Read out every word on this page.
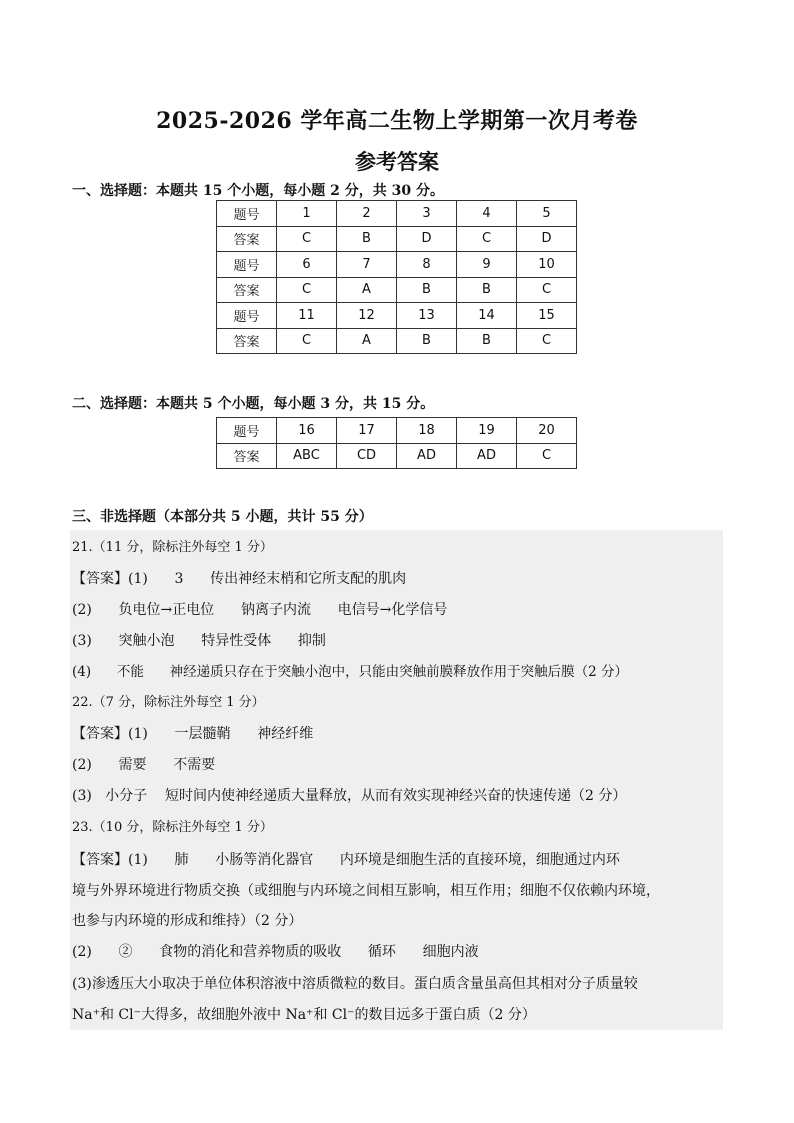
2025-2026 学年高二生物上学期第一次月考卷
参考答案
一、选择题：本题共 15 个小题，每小题 2 分，共 30 分。
题号	1	2	3	4	5
答案	C	B	D	C	D
题号	6	7	8	9	10
答案	C	A	B	B	C
题号	11	12	13	14	15
答案	C	A	B	B	C
二、选择题：本题共 5 个小题，每小题 3 分，共 15 分。
题号	16	17	18	19	20
答案	ABC	CD	AD	AD	C
三、非选择题（本部分共 5 小题，共计 55 分）
21.（11 分，除标注外每空 1 分）
【答案】(1)      3      传出神经末梢和它所支配的肌肉
(2)      负电位→正电位      钠离子内流      电信号→化学信号
(3)      突触小泡      特异性受体      抑制
(4)      不能      神经递质只存在于突触小泡中，只能由突触前膜释放作用于突触后膜（2 分）
22.（7 分，除标注外每空 1 分）
【答案】(1)      一层髓鞘      神经纤维
(2)      需要      不需要
(3)   小分子    短时间内使神经递质大量释放，从而有效实现神经兴奋的快速传递（2 分）
23.（10 分，除标注外每空 1 分）
【答案】(1)      肺      小肠等消化器官      内环境是细胞生活的直接环境，细胞通过内环
境与外界环境进行物质交换（或细胞与内环境之间相互影响，相互作用；细胞不仅依赖内环境，
也参与内环境的形成和维持）（2 分）
(2)      ②      食物的消化和营养物质的吸收      循环      细胞内液
(3)渗透压大小取决于单位体积溶液中溶质微粒的数目。蛋白质含量虽高但其相对分子质量较
Na⁺和 Cl⁻大得多，故细胞外液中 Na⁺和 Cl⁻的数目远多于蛋白质（2 分）
